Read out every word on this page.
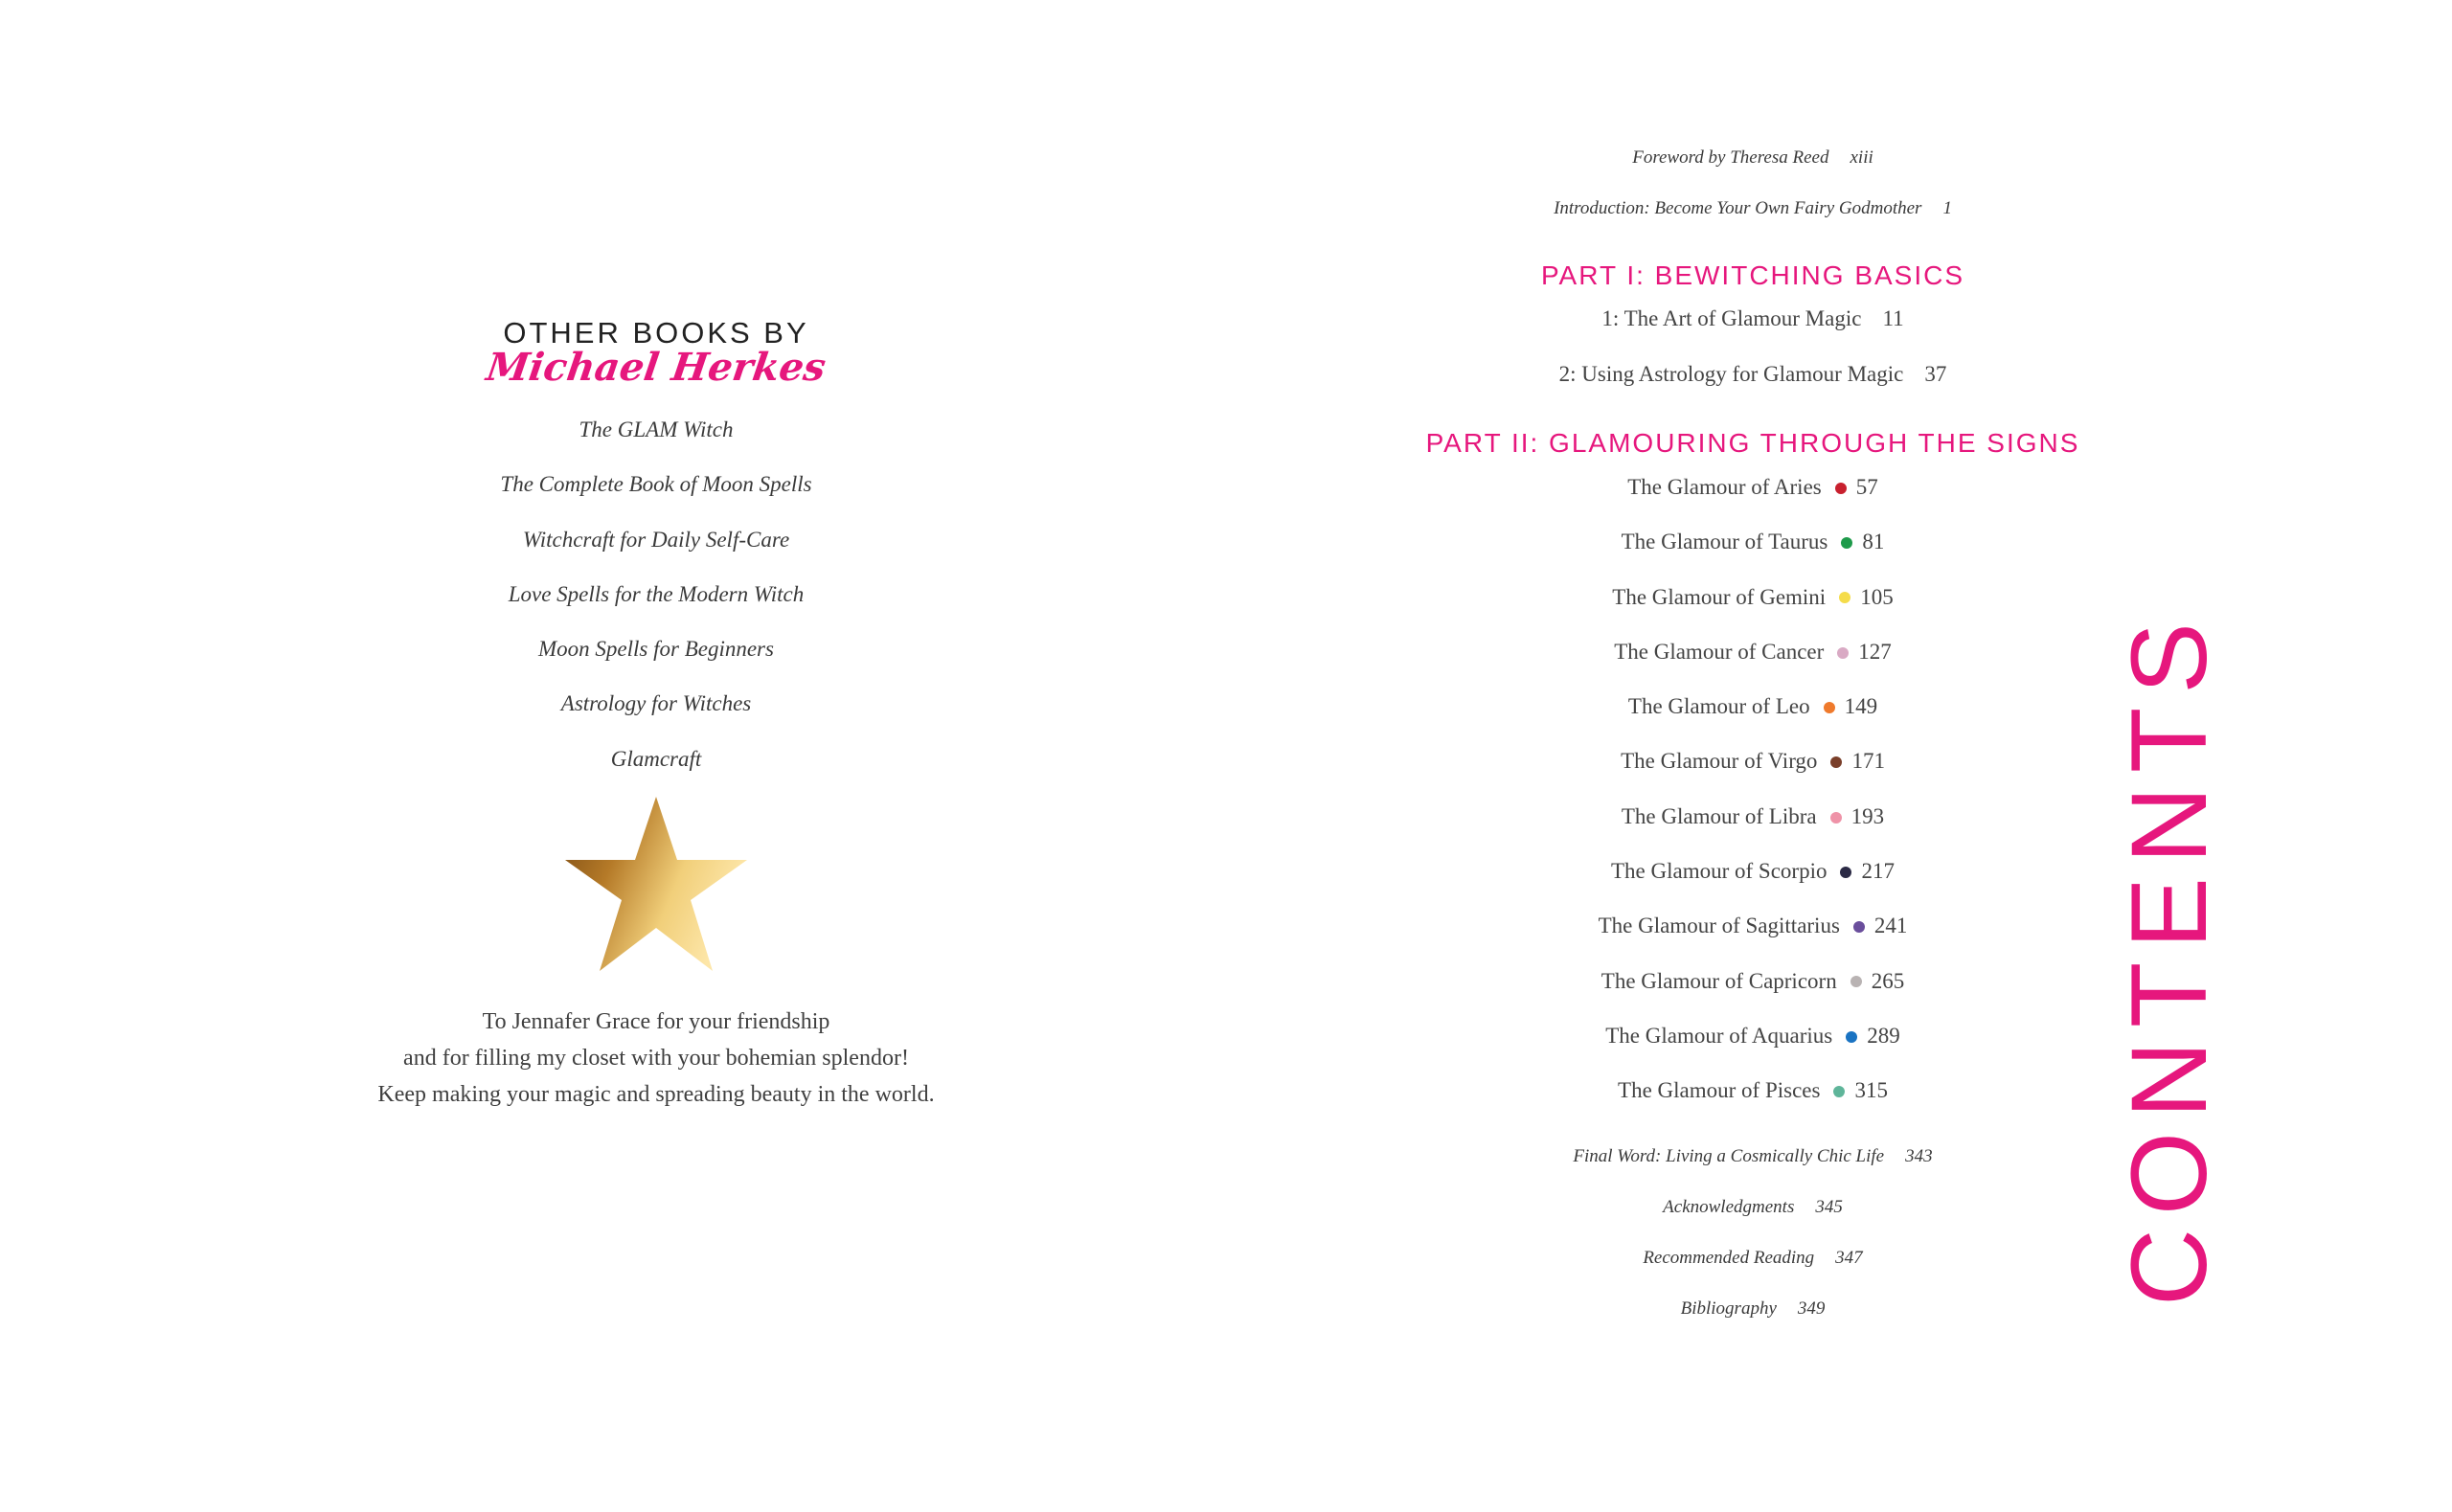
OTHER BOOKS BY
Michael Herkes
The GLAM Witch
The Complete Book of Moon Spells
Witchcraft for Daily Self-Care
Love Spells for the Modern Witch
Moon Spells for Beginners
Astrology for Witches
Glamcraft
To Jennafer Grace for your friendship
and for filling my closet with your bohemian splendor!
Keep making your magic and spreading beauty in the world.
Foreword by Theresa Reed xiii
Introduction: Become Your Own Fairy Godmother 1
PART I: BEWITCHING BASICS
1: The Art of Glamour Magic 11
2: Using Astrology for Glamour Magic 37
PART II: GLAMOURING THROUGH THE SIGNS
The Glamour of Aries 57
The Glamour of Taurus 81
The Glamour of Gemini 105
The Glamour of Cancer 127
The Glamour of Leo 149
The Glamour of Virgo 171
The Glamour of Libra 193
The Glamour of Scorpio 217
The Glamour of Sagittarius 241
The Glamour of Capricorn 265
The Glamour of Aquarius 289
The Glamour of Pisces 315
Final Word: Living a Cosmically Chic Life 343
Acknowledgments 345
Recommended Reading 347
Bibliography 349
CONTENTS
